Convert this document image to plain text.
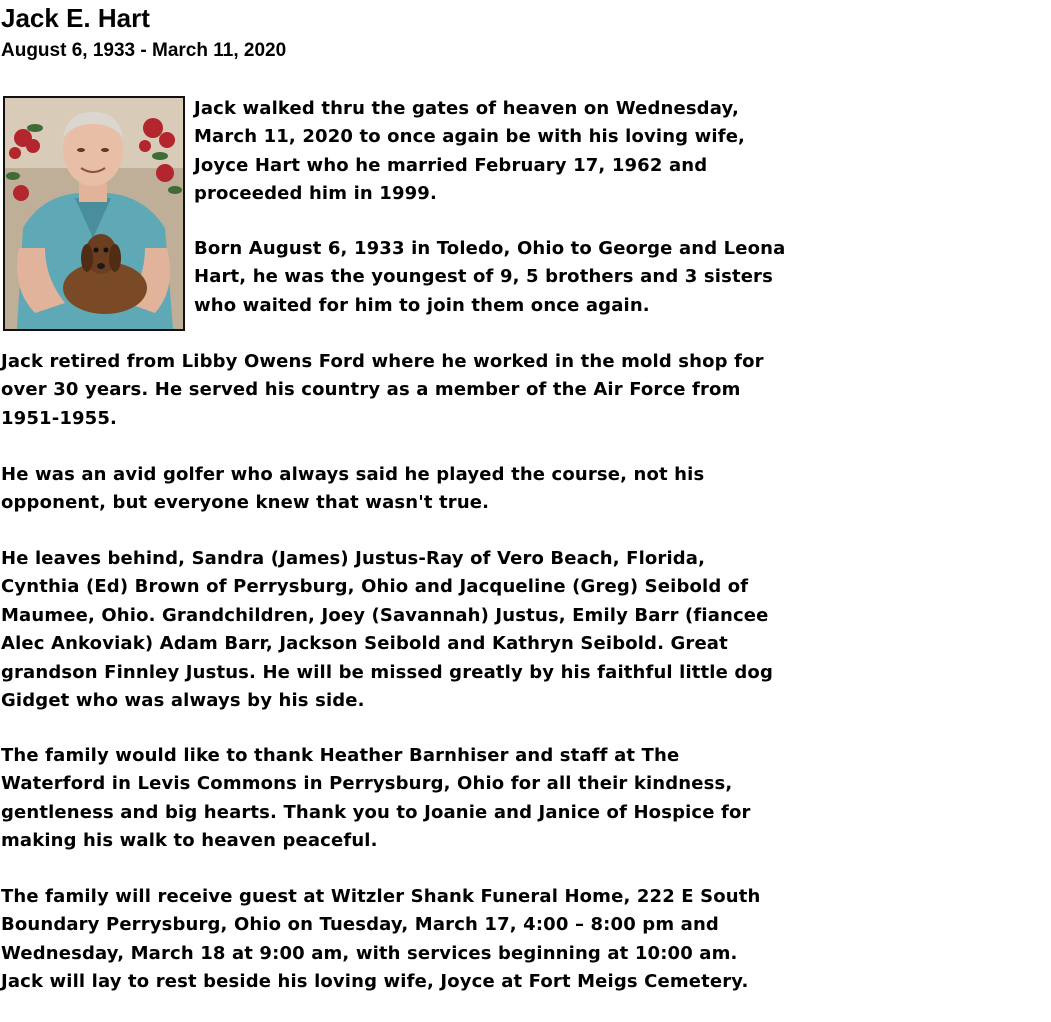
Jack E. Hart
August 6, 1933 - March 11, 2020

Jack walked thru the gates of heaven on Wednesday,
March 11, 2020 to once again be with his loving wife,
Joyce Hart who he married February 17, 1962 and
proceeded him in 1999.

Born August 6, 1933 in Toledo, Ohio to George and Leona
Hart, he was the youngest of 9, 5 brothers and 3 sisters
who waited for him to join them once again.

Jack retired from Libby Owens Ford where he worked in the mold shop for
over 30 years. He served his country as a member of the Air Force from
1951-1955.

He was an avid golfer who always said he played the course, not his
opponent, but everyone knew that wasn't true.

He leaves behind, Sandra (James) Justus-Ray of Vero Beach, Florida,
Cynthia (Ed) Brown of Perrysburg, Ohio and Jacqueline (Greg) Seibold of
Maumee, Ohio. Grandchildren, Joey (Savannah) Justus, Emily Barr (fiancee
Alec Ankoviak) Adam Barr, Jackson Seibold and Kathryn Seibold. Great
grandson Finnley Justus. He will be missed greatly by his faithful little dog
Gidget who was always by his side.

The family would like to thank Heather Barnhiser and staff at The
Waterford in Levis Commons in Perrysburg, Ohio for all their kindness,
gentleness and big hearts. Thank you to Joanie and Janice of Hospice for
making his walk to heaven peaceful.

The family will receive guest at Witzler Shank Funeral Home, 222 E South
Boundary Perrysburg, Ohio on Tuesday, March 17, 4:00 – 8:00 pm and
Wednesday, March 18 at 9:00 am, with services beginning at 10:00 am.
Jack will lay to rest beside his loving wife, Joyce at Fort Meigs Cemetery.
